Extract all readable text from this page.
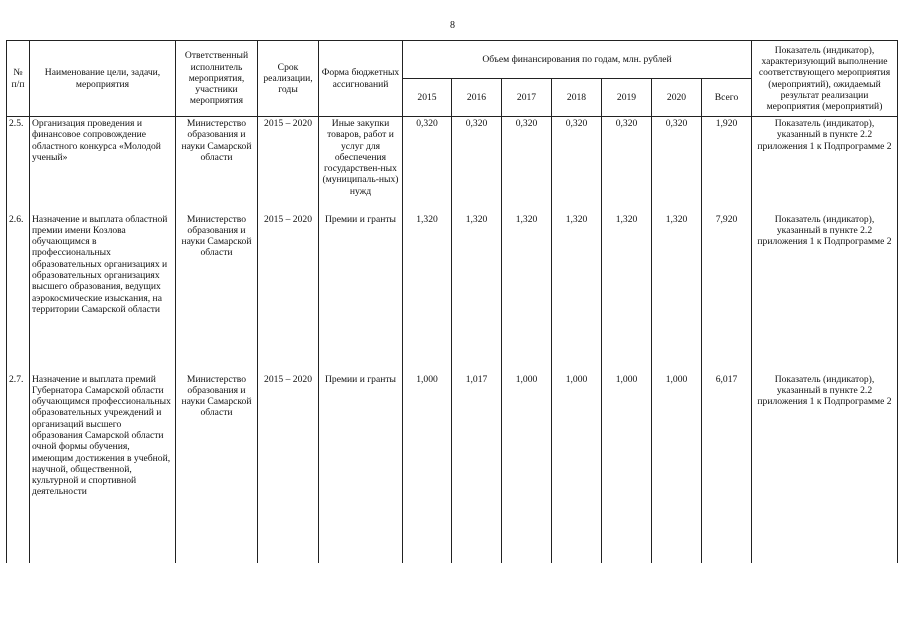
8
№ п/п	Наименование цели, задачи, мероприятия	Ответственный исполнитель мероприятия, участники мероприятия	Срок реализации, годы	Форма бюджетных ассигнований	Объем финансирования по годам, млн. рублей							Показатель (индикатор), характеризующий выполнение соответствующего мероприятия (мероприятий), ожидаемый результат реализации мероприятия (мероприятий)
					2015	2016	2017	2018	2019	2020	Всего	
2.5.	Организация проведения и финансовое сопровождение областного конкурса «Молодой ученый»	Министерство образования и науки Самарской области	2015 – 2020	Иные закупки товаров, работ и услуг для обеспечения государствен-ных (муниципаль-ных) нужд	0,320	0,320	0,320	0,320	0,320	0,320	1,920	Показатель (индикатор), указанный в пункте 2.2 приложения 1 к Подпрограмме 2
2.6.	Назначение и выплата областной премии имени Козлова обучающимся в профессиональных образовательных организациях и образовательных организациях высшего образования, ведущих аэрокосмические изыскания, на территории Самарской области	Министерство образования и науки Самарской области	2015 – 2020	Премии и гранты	1,320	1,320	1,320	1,320	1,320	1,320	7,920	Показатель (индикатор), указанный в пункте 2.2 приложения 1 к Подпрограмме 2
2.7.	Назначение и выплата премий Губернатора Самарской области обучающимся профессиональных образовательных учреждений и организаций высшего образования Самарской области очной формы обучения, имеющим достижения в учебной, научной, общественной, культурной и спортивной деятельности	Министерство образования и науки Самарской области	2015 – 2020	Премии и гранты	1,000	1,017	1,000	1,000	1,000	1,000	6,017	Показатель (индикатор), указанный в пункте 2.2 приложения 1 к Подпрограмме 2
